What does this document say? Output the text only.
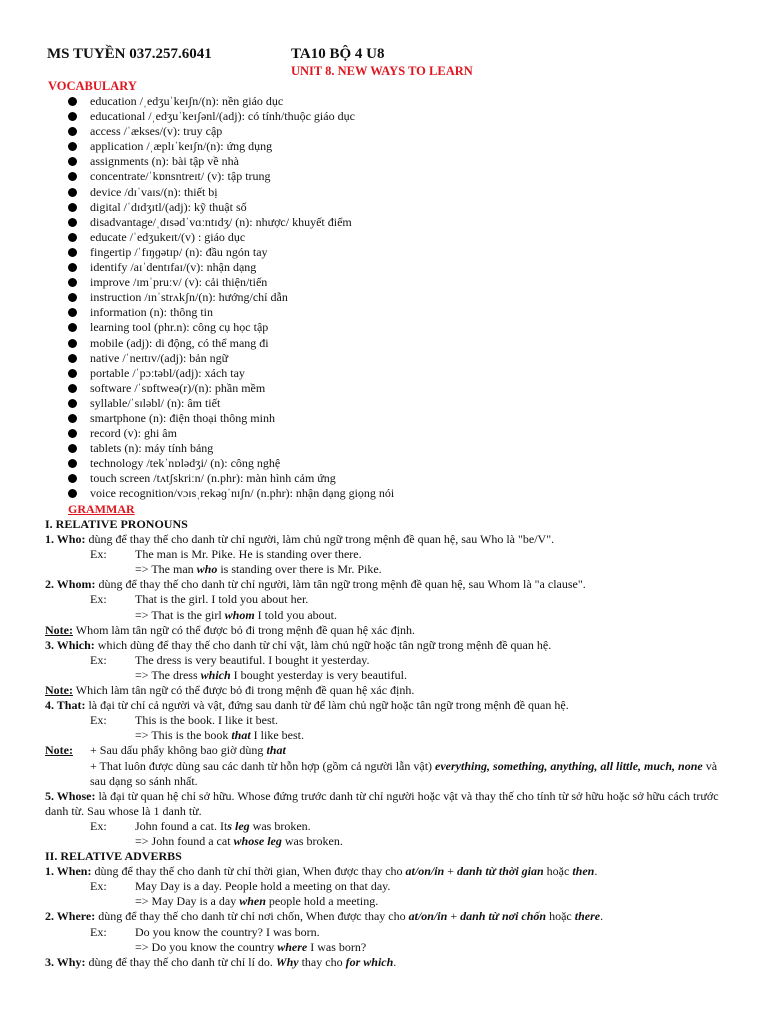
MS TUYỀN 037.257.6041	TA10 BỘ 4 U8
UNIT 8. NEW WAYS TO LEARN
VOCABULARY
education /ˌedʒuˈkeɪʃn/(n): nền giáo dục
educational /ˌedʒuˈkeɪʃənl/(adj): có tính/thuộc giáo dục
access /ˈækses/(v): truy cập
application /ˌæplɪˈkeɪʃn/(n): ứng dụng
assignments (n): bài tập về nhà
concentrate/ˈkɒnsntreɪt/ (v): tập trung
device /dɪˈvaɪs/(n): thiết bị
digital /ˈdɪdʒɪtl/(adj): kỹ thuật số
disadvantage/ˌdɪsədˈvɑːntɪdʒ/ (n): nhược/ khuyết điểm
educate /ˈedʒukeɪt/(v) : giáo dục
fingertip /ˈfɪŋɡətɪp/ (n): đầu ngón tay
identify /aɪˈdentɪfaɪ/(v): nhận dạng
improve /ɪmˈpruːv/ (v): cải thiện/tiến
instruction /ɪnˈstrʌkʃn/(n): hướng/chỉ dẫn
information (n): thông tin
learning tool (phr.n): công cụ học tập
mobile (adj): di động, có thể mang đi
native /ˈneɪtɪv/(adj): bản ngữ
portable /ˈpɔːtəbl/(adj): xách tay
software /ˈsɒftweə(r)/(n): phần mềm
syllable/ˈsɪləbl/ (n): âm tiết
smartphone (n): điện thoại thông minh
record (v): ghi âm
tablets (n): máy tính bảng
technology /tekˈnɒlədʒi/ (n): công nghệ
touch screen /tʌtʃskriːn/ (n.phr): màn hình cảm ứng
voice recognition/vɔɪsˌrekəɡˈnɪʃn/ (n.phr): nhận dạng giọng nói
GRAMMAR

I. RELATIVE PRONOUNS

1. Who: dùng để thay thế cho danh từ chỉ người, làm chủ ngữ trong mệnh đề quan hệ, sau Who là "be/V".

Ex: The man is Mr. Pike. He is standing over there.

=> The man who is standing over there is Mr. Pike.

2. Whom: dùng để thay thế cho danh từ chỉ người, làm tân ngữ trong mệnh đề quan hệ, sau Whom là "a clause".

Ex: That is the girl. I told you about her.

=> That is the girl whom I told you about.

Note: Whom làm tân ngữ có thể được bỏ đi trong mệnh đề quan hệ xác định.

3. Which: which dùng để thay thế cho danh từ chỉ vật, làm chủ ngữ hoặc tân ngữ trong mệnh đề quan hệ.

Ex: The dress is very beautiful. I bought it yesterday.

=> The dress which I bought yesterday is very beautiful.

Note: Which làm tân ngữ có thể được bỏ đi trong mệnh đề quan hệ xác định.

4. That: là đại từ chỉ cả người và vật, đứng sau danh từ để làm chủ ngữ hoặc tân ngữ trong mệnh đề quan hệ.

Ex: This is the book. I like it best.

=> This is the book that I like best.

Note: + Sau dấu phẩy không bao giờ dùng that

+ That luôn được dùng sau các danh từ hỗn hợp (gồm cả người lẫn vật) everything, something, anything, all little, much, none và sau dạng so sánh nhất.

5. Whose: là đại từ quan hệ chỉ sở hữu. Whose đứng trước danh từ chỉ người hoặc vật và thay thế cho tính từ sở hữu hoặc sở hữu cách trước danh từ. Sau whose là 1 danh từ.

Ex: John found a cat. Its leg was broken.

=> John found a cat whose leg was broken.

II. RELATIVE ADVERBS

1. When: dùng để thay thế cho danh từ chỉ thời gian, When được thay cho at/on/in + danh từ thời gian hoặc then.

Ex: May Day is a day. People hold a meeting on that day.

=> May Day is a day when people hold a meeting.

2. Where: dùng để thay thế cho danh từ chỉ nơi chốn, When được thay cho at/on/in + danh từ nơi chốn hoặc there.

Ex: Do you know the country? I was born.

=> Do you know the country where I was born?

3. Why: dùng để thay thế cho danh từ chỉ lí do. Why thay cho for which.
